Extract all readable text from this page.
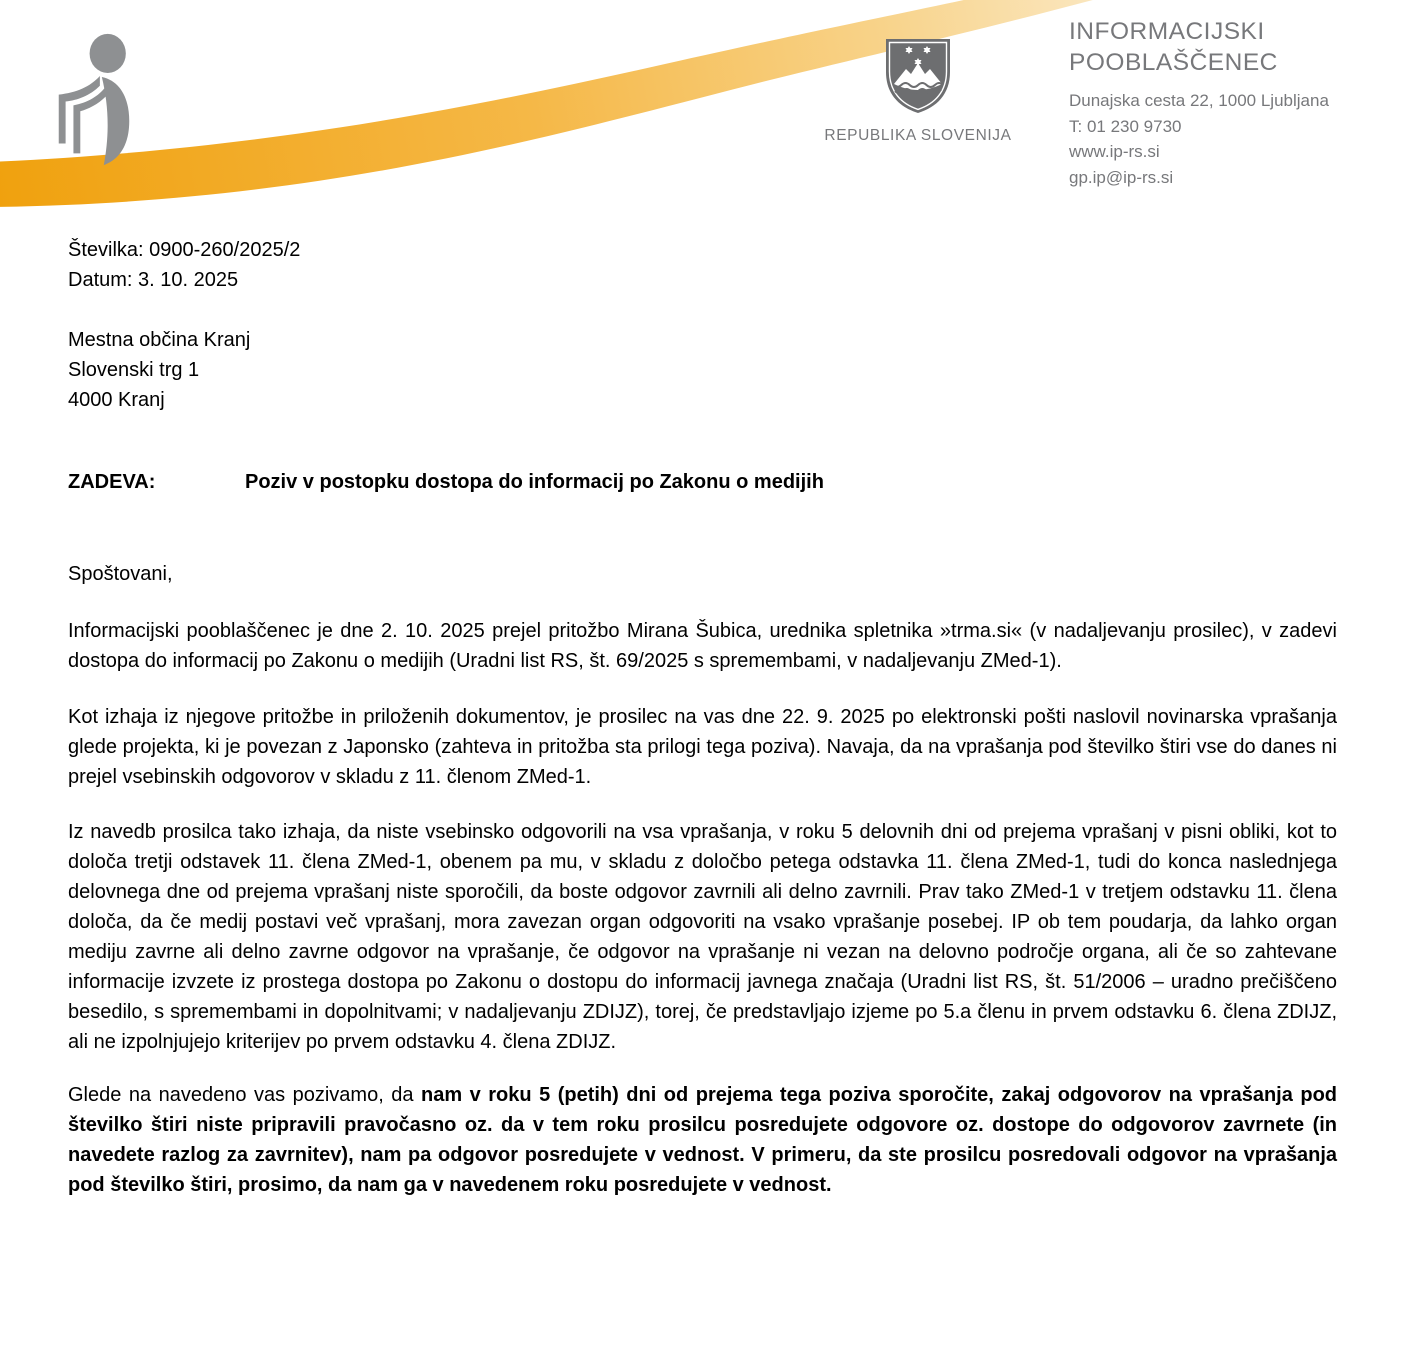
REPUBLIKA SLOVENIJA
INFORMACIJSKI
POOBLAŠČENEC
Dunajska cesta 22, 1000 Ljubljana
T: 01 230 9730
www.ip-rs.si
gp.ip@ip-rs.si
Številka: 0900-260/2025/2
Datum: 3. 10. 2025
Mestna občina Kranj
Slovenski trg 1
4000 Kranj
ZADEVA:	Poziv v postopku dostopa do informacij po Zakonu o medijih

Spoštovani,

Informacijski pooblaščenec je dne 2. 10. 2025 prejel pritožbo Mirana Šubica, urednika spletnika »trma.si« (v nadaljevanju prosilec), v zadevi dostopa do informacij po Zakonu o medijih (Uradni list RS, št. 69/2025 s spremembami, v nadaljevanju ZMed-1).

Kot izhaja iz njegove pritožbe in priloženih dokumentov, je prosilec na vas dne 22. 9. 2025 po elektronski pošti naslovil novinarska vprašanja glede projekta, ki je povezan z Japonsko (zahteva in pritožba sta prilogi tega poziva). Navaja, da na vprašanja pod številko štiri vse do danes ni prejel vsebinskih odgovorov v skladu z 11. členom ZMed-1.

Iz navedb prosilca tako izhaja, da niste vsebinsko odgovorili na vsa vprašanja, v roku 5 delovnih dni od prejema vprašanj v pisni obliki, kot to določa tretji odstavek 11. člena ZMed-1, obenem pa mu, v skladu z določbo petega odstavka 11. člena ZMed-1, tudi do konca naslednjega delovnega dne od prejema vprašanj niste sporočili, da boste odgovor zavrnili ali delno zavrnili. Prav tako ZMed-1 v tretjem odstavku 11. člena določa, da če medij postavi več vprašanj, mora zavezan organ odgovoriti na vsako vprašanje posebej. IP ob tem poudarja, da lahko organ mediju zavrne ali delno zavrne odgovor na vprašanje, če odgovor na vprašanje ni vezan na delovno področje organa, ali če so zahtevane informacije izvzete iz prostega dostopa po Zakonu o dostopu do informacij javnega značaja (Uradni list RS, št. 51/2006 – uradno prečiščeno besedilo, s spremembami in dopolnitvami; v nadaljevanju ZDIJZ), torej, če predstavljajo izjeme po 5.a členu in prvem odstavku 6. člena ZDIJZ, ali ne izpolnjujejo kriterijev po prvem odstavku 4. člena ZDIJZ.

Glede na navedeno vas pozivamo, da nam v roku 5 (petih) dni od prejema tega poziva sporočite, zakaj odgovorov na vprašanja pod številko štiri niste pripravili pravočasno oz. da v tem roku prosilcu posredujete odgovore oz. dostope do odgovorov zavrnete (in navedete razlog za zavrnitev), nam pa odgovor posredujete v vednost. V primeru, da ste prosilcu posredovali odgovor na vprašanja pod številko štiri, prosimo, da nam ga v navedenem roku posredujete v vednost.
